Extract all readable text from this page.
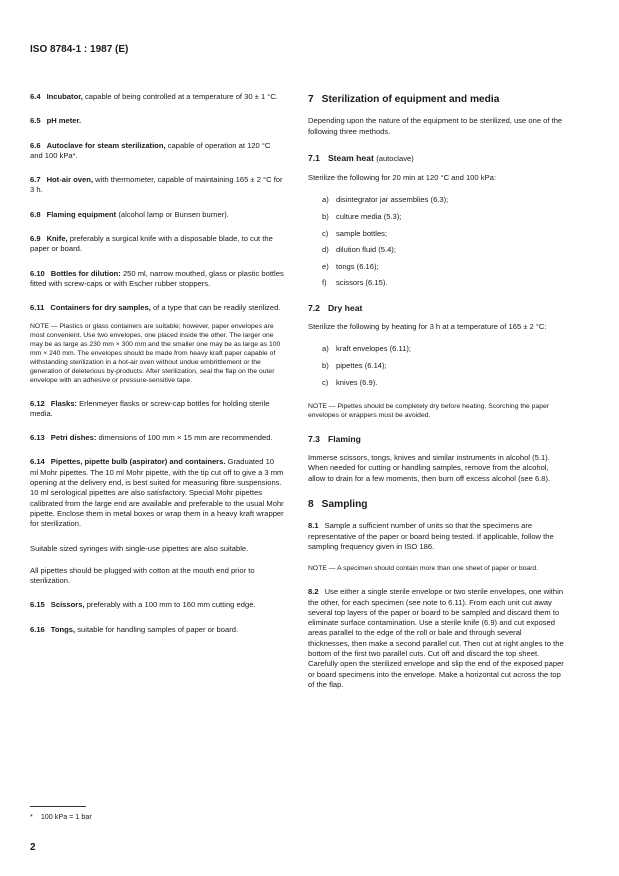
ISO 8784-1 : 1987 (E)

6.4 Incubator, capable of being controlled at a temperature of 30 ± 1 °C.

6.5 pH meter.

6.6 Autoclave for steam sterilization, capable of operation at 120 °C and 100 kPa*.

6.7 Hot-air oven, with thermometer, capable of maintaining 165 ± 2 °C for 3 h.

6.8 Flaming equipment (alcohol lamp or Bunsen burner).

6.9 Knife, preferably a surgical knife with a disposable blade, to cut the paper or board.

6.10 Bottles for dilution: 250 ml, narrow mouthed, glass or plastic bottles fitted with screw-caps or with Escher rubber stoppers.

6.11 Containers for dry samples, of a type that can be readily sterilized.

NOTE — Plastics or glass containers are suitable; however, paper envelopes are most convenient. Use two envelopes, one placed inside the other. The larger one may be as large as 230 mm × 300 mm and the smaller one may be as large as 100 mm × 240 mm. The envelopes should be made from heavy kraft paper capable of withstanding sterilization in a hot-air oven without undue embrittlement or the generation of deleterious by-products. After sterilization, seal the flap on the outer envelope with an adhesive or pressure-sensitive tape.

6.12 Flasks: Erlenmeyer flasks or screw-cap bottles for holding sterile media.

6.13 Petri dishes: dimensions of 100 mm × 15 mm are recommended.

6.14 Pipettes, pipette bulb (aspirator) and containers. Graduated 10 ml Mohr pipettes. The 10 ml Mohr pipette, with the tip cut off to give a 3 mm opening at the delivery end, is best suited for measuring fibre suspensions. 10 ml serological pipettes are also satisfactory. Special Mohr pipettes calibrated from the large end are available and preferable to the usual Mohr pipette. Enclose them in metal boxes or wrap them in a heavy kraft wrapper for sterilization.

Suitable sized syringes with single-use pipettes are also suitable.

All pipettes should be plugged with cotton at the mouth end prior to sterilization.

6.15 Scissors, preferably with a 100 mm to 160 mm cutting edge.

6.16 Tongs, suitable for handling samples of paper or board.

7 Sterilization of equipment and media

Depending upon the nature of the equipment to be sterilized, use one of the following three methods.

7.1 Steam heat (autoclave)

Sterilize the following for 20 min at 120 °C and 100 kPa:

a) disintegrator jar assemblies (6.3);
b) culture media (5.3);
c) sample bottles;
d) dilution fluid (5.4);
e) tongs (6.16);
f) scissors (6.15).
7.2 Dry heat

Sterilize the following by heating for 3 h at a temperature of 165 ± 2 °C:

a) kraft envelopes (6.11);
b) pipettes (6.14);
c) knives (6.9).

NOTE — Pipettes should be completely dry before heating. Scorching the paper envelopes or wrappers must be avoided.

7.3 Flaming

Immerse scissors, tongs, knives and similar instruments in alcohol (5.1). When needed for cutting or handling samples, remove from the alcohol, allow to drain for a few moments, then burn off excess alcohol (see 6.8).

8 Sampling

8.1 Sample a sufficient number of units so that the specimens are representative of the paper or board being tested. If applicable, follow the sampling frequency given in ISO 186.

NOTE — A specimen should contain more than one sheet of paper or board.

8.2 Use either a single sterile envelope or two sterile envelopes, one within the other, for each specimen (see note to 6.11). From each unit cut away several top layers of the paper or board to be sampled and discard them to eliminate surface contamination. Use a sterile knife (6.9) and cut exposed areas parallel to the edge of the roll or bale and through several thicknesses, then make a second parallel cut. Then cut at right angles to the bottom of the first two parallel cuts. Cut off and discard the top sheet. Carefully open the sterilized envelope and slip the end of the exposed paper or board specimens into the envelope. Make a horizontal cut across the top of the flap.

* 100 kPa = 1 bar
2
